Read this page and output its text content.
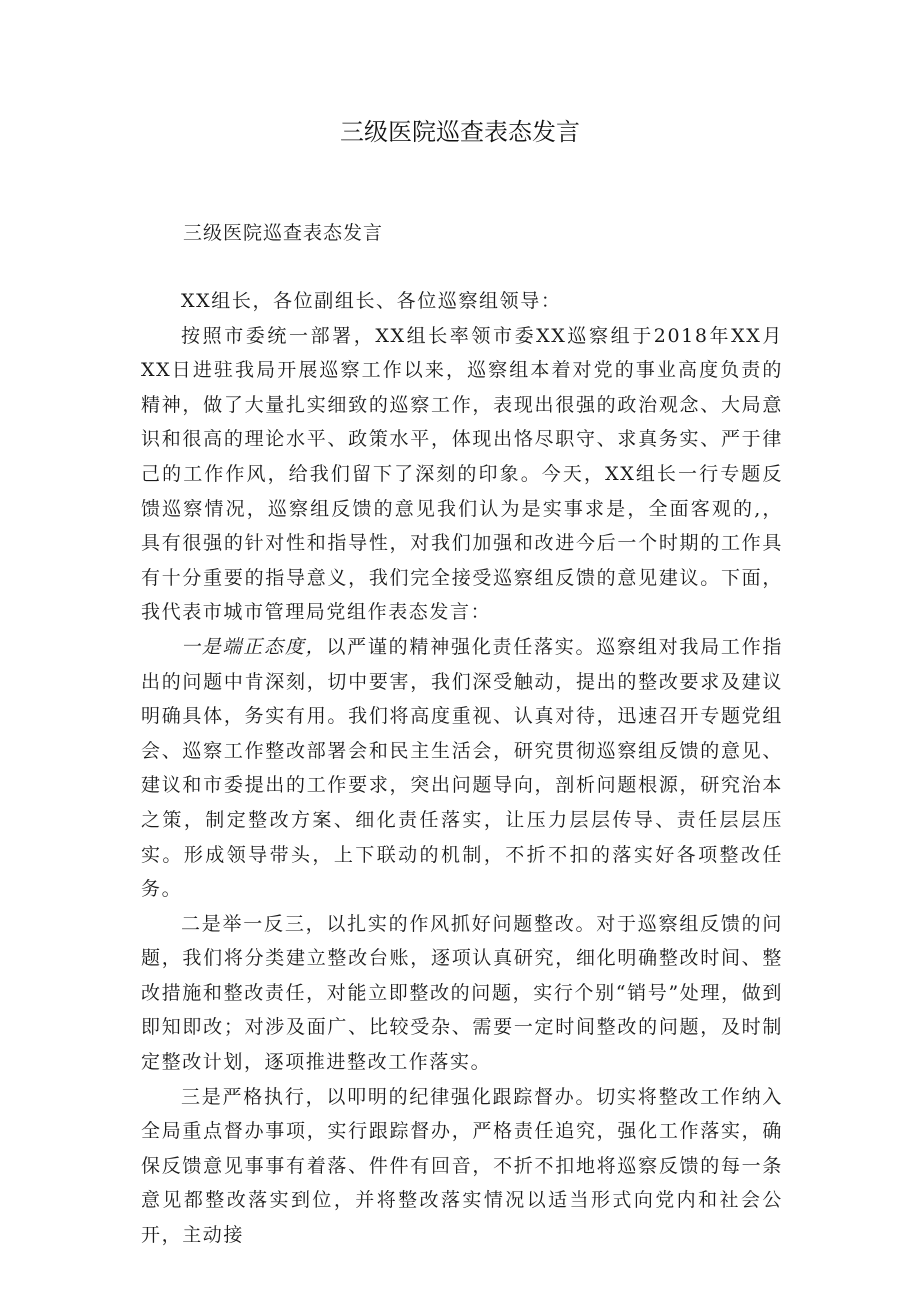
三级医院巡查表态发言

三级医院巡查表态发言

XX组长，各位副组长、各位巡察组领导：

按照市委统一部署，XX组长率领市委XX巡察组于2018年XX月XX日进驻我局开展巡察工作以来，巡察组本着对党的事业高度负责的精神，做了大量扎实细致的巡察工作，表现出很强的政治观念、大局意识和很高的理论水平、政策水平，体现出恪尽职守、求真务实、严于律己的工作作风，给我们留下了深刻的印象。今天，XX组长一行专题反馈巡察情况，巡察组反馈的意见我们认为是实事求是，全面客观的,，具有很强的针对性和指导性，对我们加强和改进今后一个时期的工作具有十分重要的指导意义，我们完全接受巡察组反馈的意见建议。下面，我代表市城市管理局党组作表态发言：

一是端正态度，以严谨的精神强化责任落实。巡察组对我局工作指出的问题中肯深刻，切中要害，我们深受触动，提出的整改要求及建议明确具体，务实有用。我们将高度重视、认真对待，迅速召开专题党组会、巡察工作整改部署会和民主生活会，研究贯彻巡察组反馈的意见、建议和市委提出的工作要求，突出问题导向，剖析问题根源，研究治本之策，制定整改方案、细化责任落实，让压力层层传导、责任层层压实。形成领导带头，上下联动的机制，不折不扣的落实好各项整改任务。

二是举一反三，以扎实的作风抓好问题整改。对于巡察组反馈的问题，我们将分类建立整改台账，逐项认真研究，细化明确整改时间、整改措施和整改责任，对能立即整改的问题，实行个别“销号”处理，做到即知即改；对涉及面广、比较受杂、需要一定时间整改的问题，及时制定整改计划，逐项推进整改工作落实。

三是严格执行，以叩明的纪律强化跟踪督办。切实将整改工作纳入全局重点督办事项，实行跟踪督办，严格责任追究，强化工作落实，确保反馈意见事事有着落、件件有回音，不折不扣地将巡察反馈的每一条意见都整改落实到位，并将整改落实情况以适当形式向党内和社会公开，主动接
